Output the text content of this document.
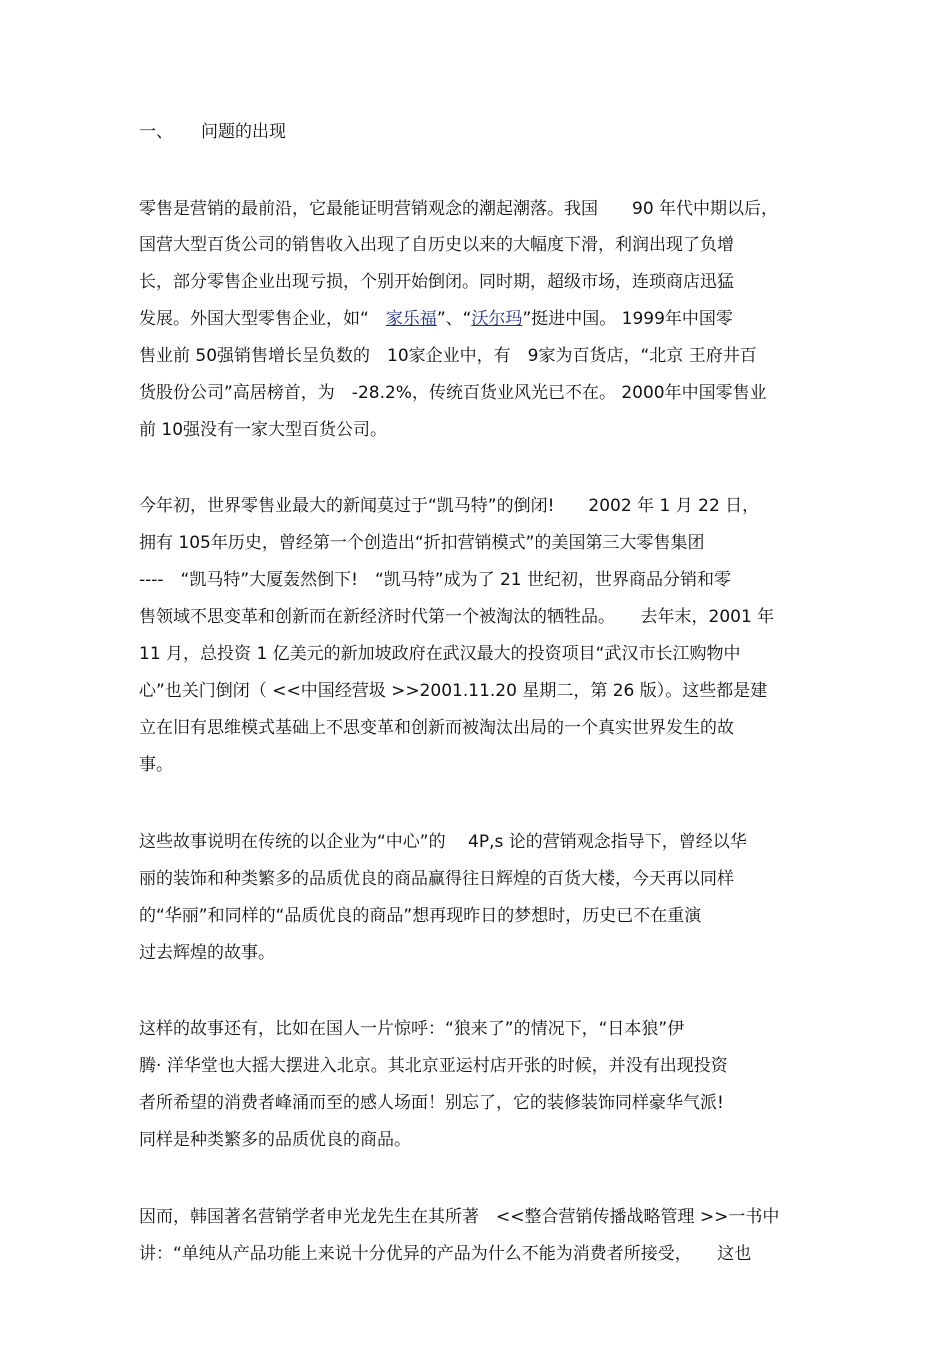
一、 问题的出现
零售是营销的最前沿，它最能证明营销观念的潮起潮落。我国　　90 年代中期以后，
国营大型百货公司的销售收入出现了自历史以来的大幅度下滑，利润出现了负增
长，部分零售企业出现亏损，个别开始倒闭。同时期，超级市场，连琐商店迅猛
发展。外国大型零售企业，如“　家乐福”、“沃尔玛”挺进中国。 1999年中国零
售业前 50强销售增长呈负数的　10家企业中，有　9家为百货店，“北京 王府井百
货股份公司”高居榜首，为　-28.2%，传统百货业风光已不在。 2000年中国零售业
前 10强没有一家大型百货公司。
今年初，世界零售业最大的新闻莫过于“凯马特”的倒闭!　　2002 年 1 月 22 日，
拥有 105年历史，曾经第一个创造出“折扣营销模式”的美国第三大零售集团
----　“凯马特”大厦轰然倒下!　“凯马特”成为了 21 世纪初，世界商品分销和零
售领域不思变革和创新而在新经济时代第一个被淘汰的牺牲品。　　去年末，2001 年
11 月，总投资 1 亿美元的新加坡政府在武汉最大的投资项目“武汉市长江购物中
心”也关门倒闭（ <<中国经营圾 >>2001.11.20 星期二，第 26 版）。这些都是建
立在旧有思维模式基础上不思变革和创新而被淘汰出局的一个真实世界发生的故
事。
这些故事说明在传统的以企业为“中心”的　 4P,s 论的营销观念指导下，曾经以华
丽的装饰和种类繁多的品质优良的商品赢得往日辉煌的百货大楼，今天再以同样
的“华丽”和同样的“品质优良的商品”想再现昨日的梦想时，历史已不在重演
过去辉煌的故事。
这样的故事还有，比如在国人一片惊呼：“狼来了”的情况下，“日本狼”伊
腾· 洋华堂也大摇大摆进入北京。其北京亚运村店开张的时候，并没有出现投资
者所希望的消费者峰涌而至的感人场面！别忘了，它的装修装饰同样豪华气派!
同样是种类繁多的品质优良的商品。
因而，韩国著名营销学者申光龙先生在其所著　<<整合营销传播战略管理 >>一书中
讲：“单纯从产品功能上来说十分优异的产品为什么不能为消费者所接受，　　这也
